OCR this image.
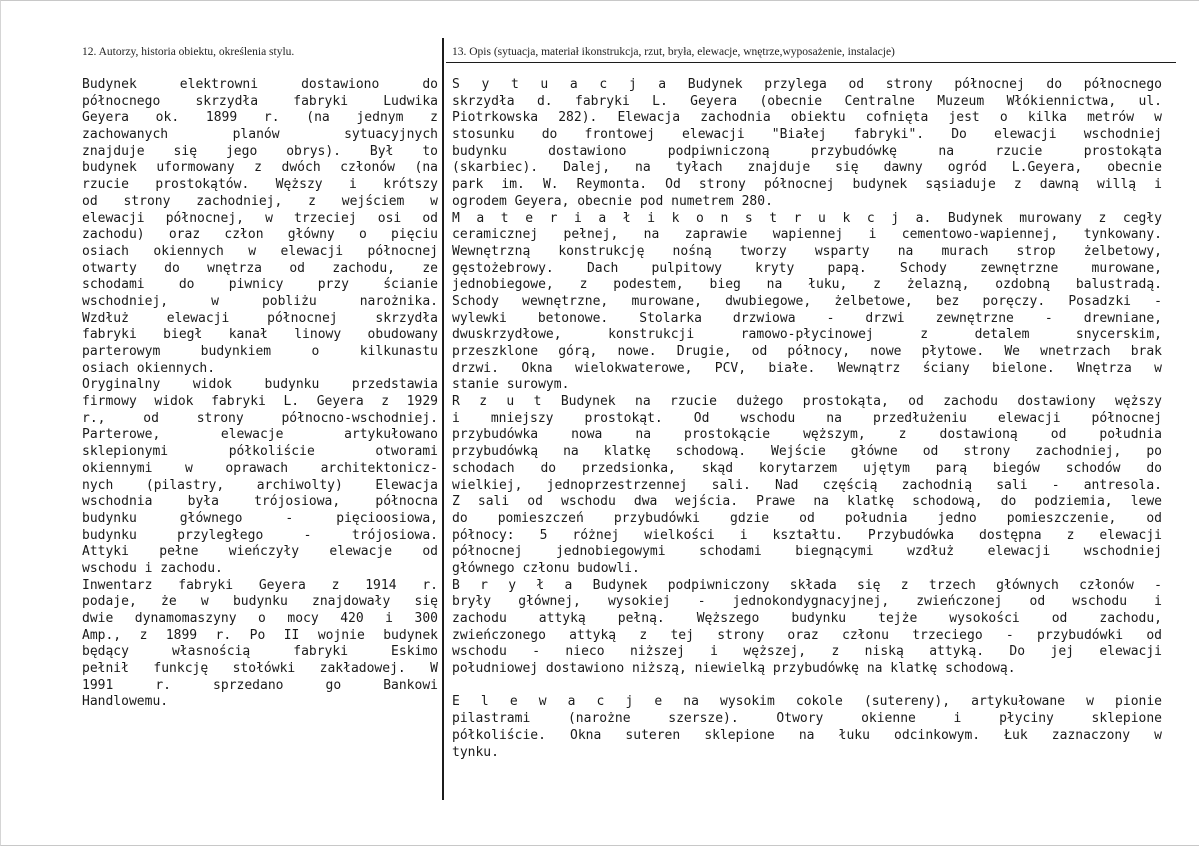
12. Autorzy, historia obiektu, określenia stylu.	13. Opis (sytuacja, materiał ikonstrukcja, rzut, bryła, elewacje, wnętrze,wyposażenie, instalacje)
Budynek elektrowni dostawiono do
północnego skrzydła fabryki Ludwika
Geyera ok. 1899 r. (na jednym z
zachowanych planów sytuacyjnych
znajduje się jego obrys). Był to
budynek uformowany z dwóch członów (na
rzucie prostokątów. Węższy i krótszy
od strony zachodniej, z wejściem w
elewacji północnej, w trzeciej osi od
zachodu) oraz człon główny o pięciu
osiach okiennych w elewacji północnej
otwarty do wnętrza od zachodu, ze
schodami do piwnicy przy ścianie
wschodniej, w pobliżu narożnika.
Wzdłuż elewacji północnej skrzydła
fabryki biegł kanał linowy obudowany
parterowym budynkiem o kilkunastu
osiach okiennych.
Oryginalny widok budynku przedstawia
firmowy widok fabryki L. Geyera z 1929
r., od strony północno-wschodniej.
Parterowe, elewacje artykułowano
sklepionymi półkoliście otworami
okiennymi w oprawach architektonicz-
nych (pilastry, archiwolty) Elewacja
wschodnia była trójosiowa, północna
budynku głównego - pięcioosiowa,
budynku przyległego - trójosiowa.
Attyki pełne wieńczyły elewacje od
wschodu i zachodu.
Inwentarz fabryki Geyera z 1914 r.
podaje, że w budynku znajdowały się
dwie dynamomaszyny o mocy 420 i 300
Amp., z 1899 r. Po II wojnie budynek
będący własnością fabryki Eskimo
pełnił funkcję stołówki zakładowej. W
1991 r. sprzedano go Bankowi
Handlowemu.
S y t u a c j a Budynek przylega od strony północnej do północnego
skrzydła d. fabryki L. Geyera (obecnie Centralne Muzeum Włókiennictwa, ul.
Piotrkowska 282). Elewacja zachodnia obiektu cofnięta jest o kilka metrów w
stosunku do frontowej elewacji "Białej fabryki". Do elewacji wschodniej
budynku dostawiono podpiwniczoną przybudówkę na rzucie prostokąta
(skarbiec). Dalej, na tyłach znajduje się dawny ogród L.Geyera, obecnie
park im. W. Reymonta. Od strony północnej budynek sąsiaduje z dawną willą i
ogrodem Geyera, obecnie pod numetrem 280.
M a t e r i a ł i k o n s t r u k c j a. Budynek murowany z cegły
ceramicznej pełnej, na zaprawie wapiennej i cementowo-wapiennej, tynkowany.
Wewnętrzną konstrukcję nośną tworzy wsparty na murach strop żelbetowy,
gęstożebrowy. Dach pulpitowy kryty papą. Schody zewnętrzne murowane,
jednobiegowe, z podestem, bieg na łuku, z żelazną, ozdobną balustradą.
Schody wewnętrzne, murowane, dwubiegowe, żelbetowe, bez poręczy. Posadzki -
wylewki betonowe. Stolarka drzwiowa - drzwi zewnętrzne - drewniane,
dwuskrzydłowe, konstrukcji ramowo-płycinowej z detalem snycerskim,
przeszklone górą, nowe. Drugie, od północy, nowe płytowe. We wnetrzach brak
drzwi. Okna wielokwaterowe, PCV, białe. Wewnątrz ściany bielone. Wnętrza w
stanie surowym.
R z u t Budynek na rzucie dużego prostokąta, od zachodu dostawiony węższy
i mniejszy prostokąt. Od wschodu na przedłużeniu elewacji północnej
przybudówka nowa na prostokącie węższym, z dostawioną od południa
przybudówką na klatkę schodową. Wejście główne od strony zachodniej, po
schodach do przedsionka, skąd korytarzem ujętym parą biegów schodów do
wielkiej, jednoprzestrzennej sali. Nad częścią zachodnią sali - antresola.
Z sali od wschodu dwa wejścia. Prawe na klatkę schodową, do podziemia, lewe
do pomieszczeń przybudówki gdzie od południa jedno pomieszczenie, od
północy: 5 różnej wielkości i kształtu. Przybudówka dostępna z elewacji
północnej jednobiegowymi schodami biegnącymi wzdłuż elewacji wschodniej
głównego członu budowli.
B r y ł a Budynek podpiwniczony składa się z trzech głównych członów -
bryły głównej, wysokiej - jednokondygnacyjnej, zwieńczonej od wschodu i
zachodu attyką pełną. Węższego budynku tejże wysokości od zachodu,
zwieńczonego attyką z tej strony oraz członu trzeciego - przybudówki od
wschodu - nieco niższej i węższej, z niską attyką. Do jej elewacji
południowej dostawiono niższą, niewielką przybudówkę na klatkę schodową.
E l e w a c j e na wysokim cokole (sutereny), artykułowane w pionie
pilastrami (narożne szersze). Otwory okienne i płyciny sklepione
półkoliście. Okna suteren sklepione na łuku odcinkowym. Łuk zaznaczony w
tynku.
